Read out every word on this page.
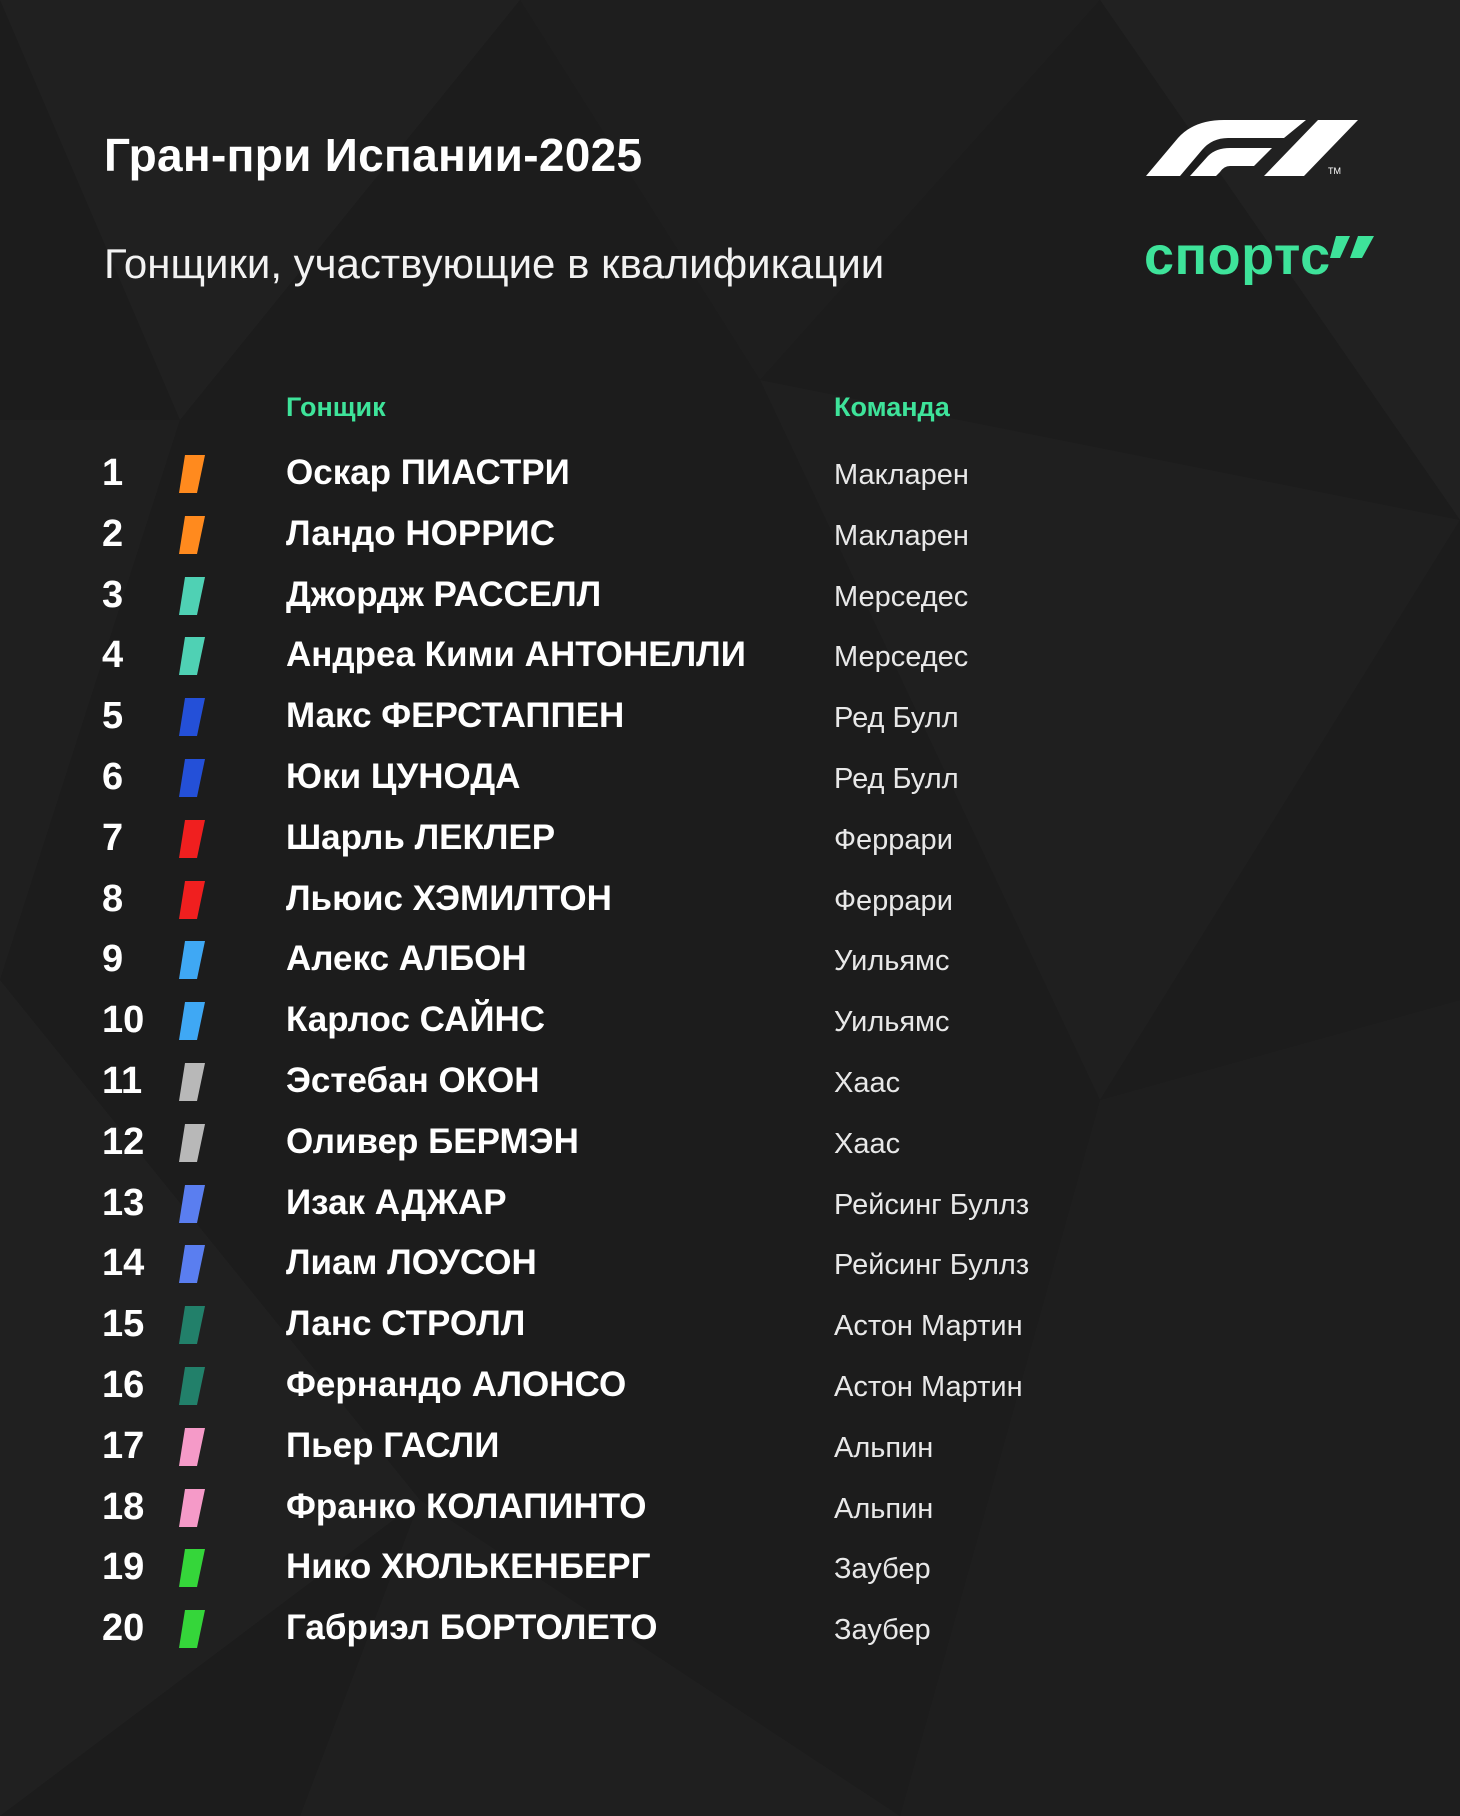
Гран-при Испании-2025
Гонщики, участвующие в квалификации
TM
спортс
Гонщик	Команда
1	Оскар ПИАСТРИ	Макларен
2	Ландо НОРРИС	Макларен
3	Джордж РАССЕЛЛ	Мерседес
4	Андреа Кими АНТОНЕЛЛИ	Мерседес
5	Макс ФЕРСТАППЕН	Ред Булл
6	Юки ЦУНОДА	Ред Булл
7	Шарль ЛЕКЛЕР	Феррари
8	Льюис ХЭМИЛТОН	Феррари
9	Алекс АЛБОН	Уильямс
10	Карлос САЙНС	Уильямс
11	Эстебан ОКОН	Хаас
12	Оливер БЕРМЭН	Хаас
13	Изак АДЖАР	Рейсинг Буллз
14	Лиам ЛОУСОН	Рейсинг Буллз
15	Ланс СТРОЛЛ	Астон Мартин
16	Фернандо АЛОНСО	Астон Мартин
17	Пьер ГАСЛИ	Альпин
18	Франко КОЛАПИНТО	Альпин
19	Нико ХЮЛЬКЕНБЕРГ	Заубер
20	Габриэл БОРТОЛЕТО	Заубер
